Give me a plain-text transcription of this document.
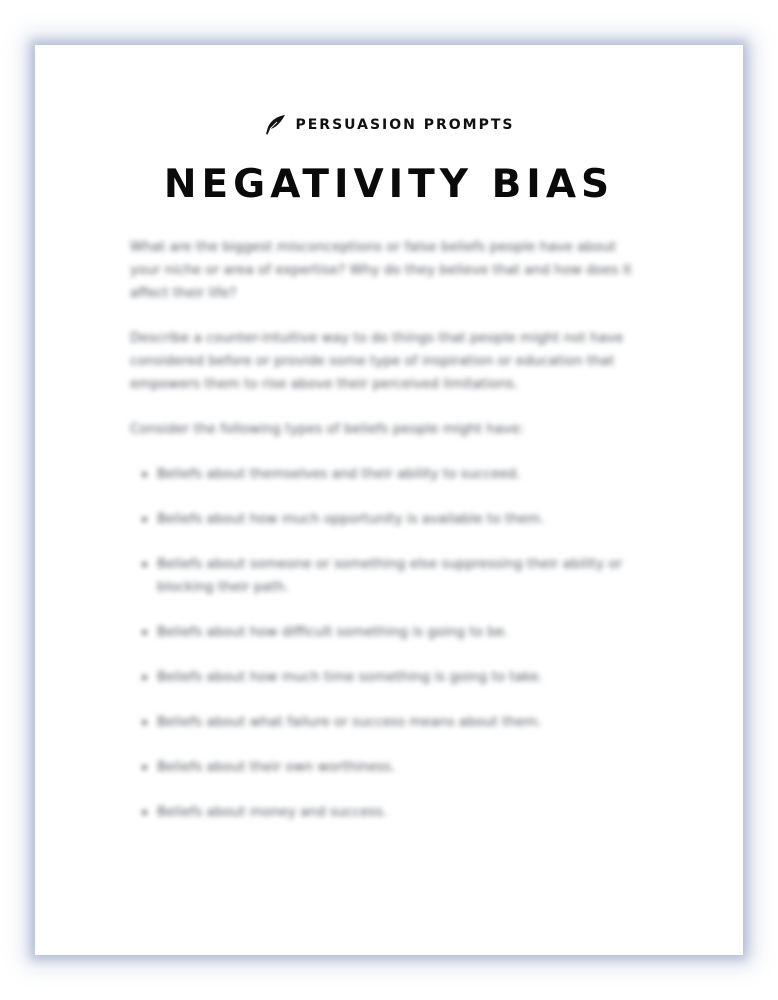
PERSUASION PROMPTS
NEGATIVITY BIAS

What are the biggest misconceptions or false beliefs people have about your niche or area of expertise? Why do they believe that and how does it affect their life?

Describe a counter-intuitive way to do things that people might not have considered before or provide some type of inspiration or education that empowers them to rise above their perceived limitations.

Consider the following types of beliefs people might have:

Beliefs about themselves and their ability to succeed.
Beliefs about how much opportunity is available to them.
Beliefs about someone or something else suppressing their ability or blocking their path.
Beliefs about how difficult something is going to be.
Beliefs about how much time something is going to take.
Beliefs about what failure or success means about them.
Beliefs about their own worthiness.
Beliefs about money and success.
